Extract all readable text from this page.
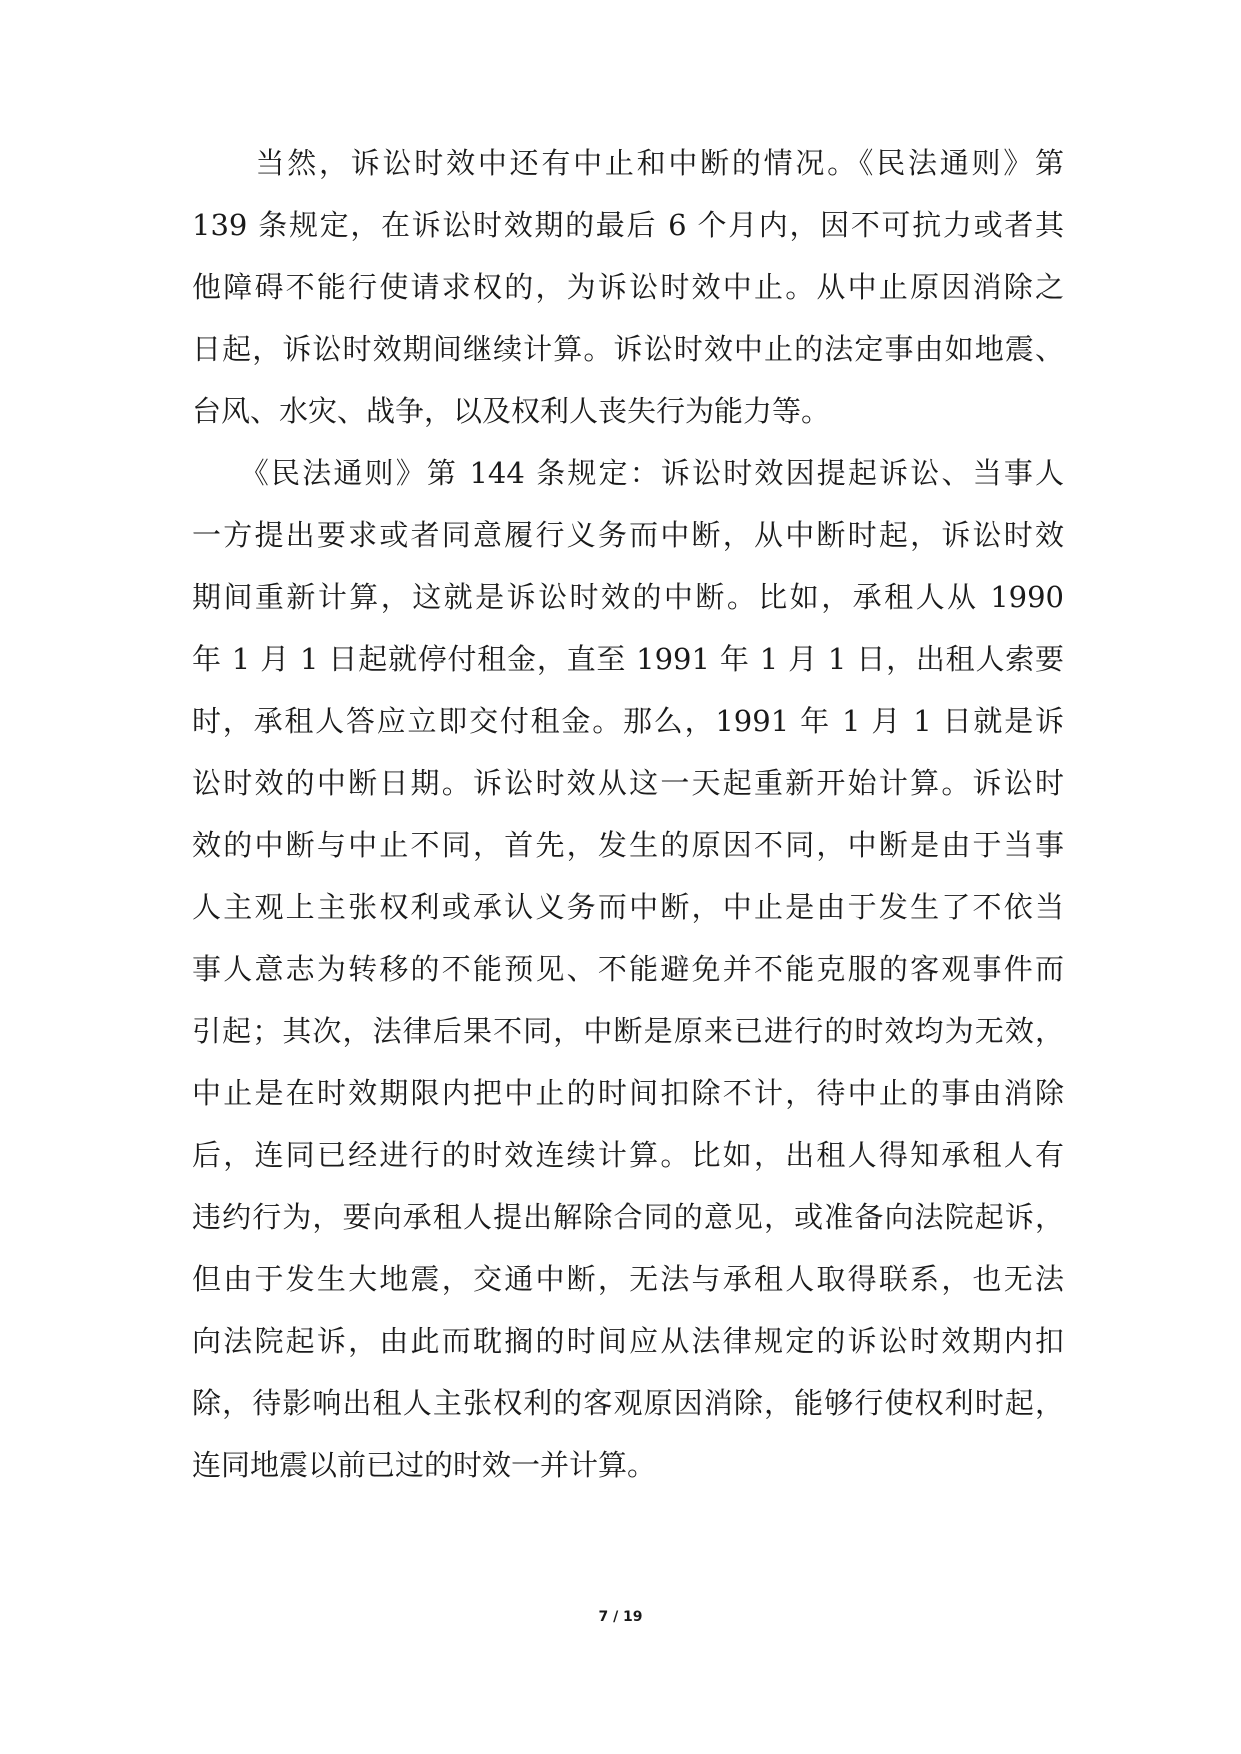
　　当然，诉讼时效中还有中止和中断的情况。《民法通则》第
139 条规定，在诉讼时效期的最后 6 个月内，因不可抗力或者其
他障碍不能行使请求权的，为诉讼时效中止。从中止原因消除之
日起，诉讼时效期间继续计算。诉讼时效中止的法定事由如地震、
台风、水灾、战争，以及权利人丧失行为能力等。
　　《民法通则》第 144 条规定：诉讼时效因提起诉讼、当事人
一方提出要求或者同意履行义务而中断，从中断时起，诉讼时效
期间重新计算，这就是诉讼时效的中断。比如，承租人从 1990
年 1 月 1 日起就停付租金，直至 1991 年 1 月 1 日，出租人索要
时，承租人答应立即交付租金。那么，1991 年 1 月 1 日就是诉
讼时效的中断日期。诉讼时效从这一天起重新开始计算。诉讼时
效的中断与中止不同，首先，发生的原因不同，中断是由于当事
人主观上主张权利或承认义务而中断，中止是由于发生了不依当
事人意志为转移的不能预见、不能避免并不能克服的客观事件而
引起；其次，法律后果不同，中断是原来已进行的时效均为无效，
中止是在时效期限内把中止的时间扣除不计，待中止的事由消除
后，连同已经进行的时效连续计算。比如，出租人得知承租人有
违约行为，要向承租人提出解除合同的意见，或准备向法院起诉，
但由于发生大地震，交通中断，无法与承租人取得联系，也无法
向法院起诉，由此而耽搁的时间应从法律规定的诉讼时效期内扣
除，待影响出租人主张权利的客观原因消除，能够行使权利时起，
连同地震以前已过的时效一并计算。
7 / 19
